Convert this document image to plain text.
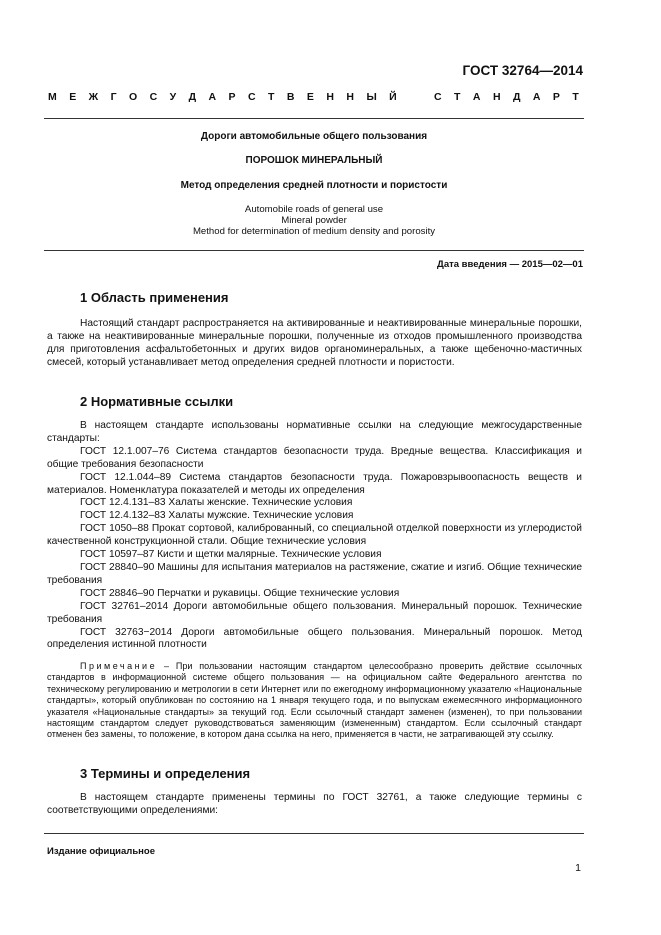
ГОСТ 32764—2014
М Е Ж Г О С У Д А Р С Т В Е Н Н Ы Й	С Т А Н Д А Р Т
Дороги автомобильные общего пользования
ПОРОШОК МИНЕРАЛЬНЫЙ
Метод определения средней плотности и пористости
Automobile roads of general use
Mineral powder
Method for determination of medium density and porosity
Дата введения — 2015—02—01
1 Область применения

Настоящий стандарт распространяется на активированные и неактивированные минеральные порошки, а также на неактивированные минеральные порошки, полученные из отходов промышленного производства для приготовления асфальтобетонных и других видов органоминеральных, а также щебеночно-мастичных смесей, который устанавливает метод определения средней плотности и пористости.

2 Нормативные ссылки

В настоящем стандарте использованы нормативные ссылки на следующие межгосударственные стандарты:

ГОСТ 12.1.007–76 Система стандартов безопасности труда. Вредные вещества. Классификация и общие требования безопасности

ГОСТ 12.1.044–89 Система стандартов безопасности труда. Пожаровзрывоопасность веществ и материалов. Номенклатура показателей и методы их определения

ГОСТ 12.4.131–83 Халаты женские. Технические условия

ГОСТ 12.4.132–83 Халаты мужские. Технические условия

ГОСТ 1050–88 Прокат сортовой, калиброванный, со специальной отделкой поверхности из углеродистой качественной конструкционной стали. Общие технические условия

ГОСТ 10597–87 Кисти и щетки малярные. Технические условия

ГОСТ 28840–90 Машины для испытания материалов на растяжение, сжатие и изгиб. Общие технические требования

ГОСТ 28846–90 Перчатки и рукавицы. Общие технические условия

ГОСТ 32761–2014 Дороги автомобильные общего пользования. Минеральный порошок. Технические требования

ГОСТ 32763−2014 Дороги автомобильные общего пользования. Минеральный порошок. Метод определения истинной плотности

Примечание – При пользовании настоящим стандартом целесообразно проверить действие ссылочных стандартов в информационной системе общего пользования — на официальном сайте Федерального агентства по техническому регулированию и метрологии в сети Интернет или по ежегодному информационному указателю «Национальные стандарты», который опубликован по состоянию на 1 января текущего года, и по выпускам ежемесячного информационного указателя «Национальные стандарты» за текущий год. Если ссылочный стандарт заменен (изменен), то при пользовании настоящим стандартом следует руководствоваться заменяющим (измененным) стандартом. Если ссылочный стандарт отменен без замены, то положение, в котором дана ссылка на него, применяется в части, не затрагивающей эту ссылку.

3 Термины и определения

В настоящем стандарте применены термины по ГОСТ 32761, а также следующие термины с соответствующими определениями:

Издание официальное
1
